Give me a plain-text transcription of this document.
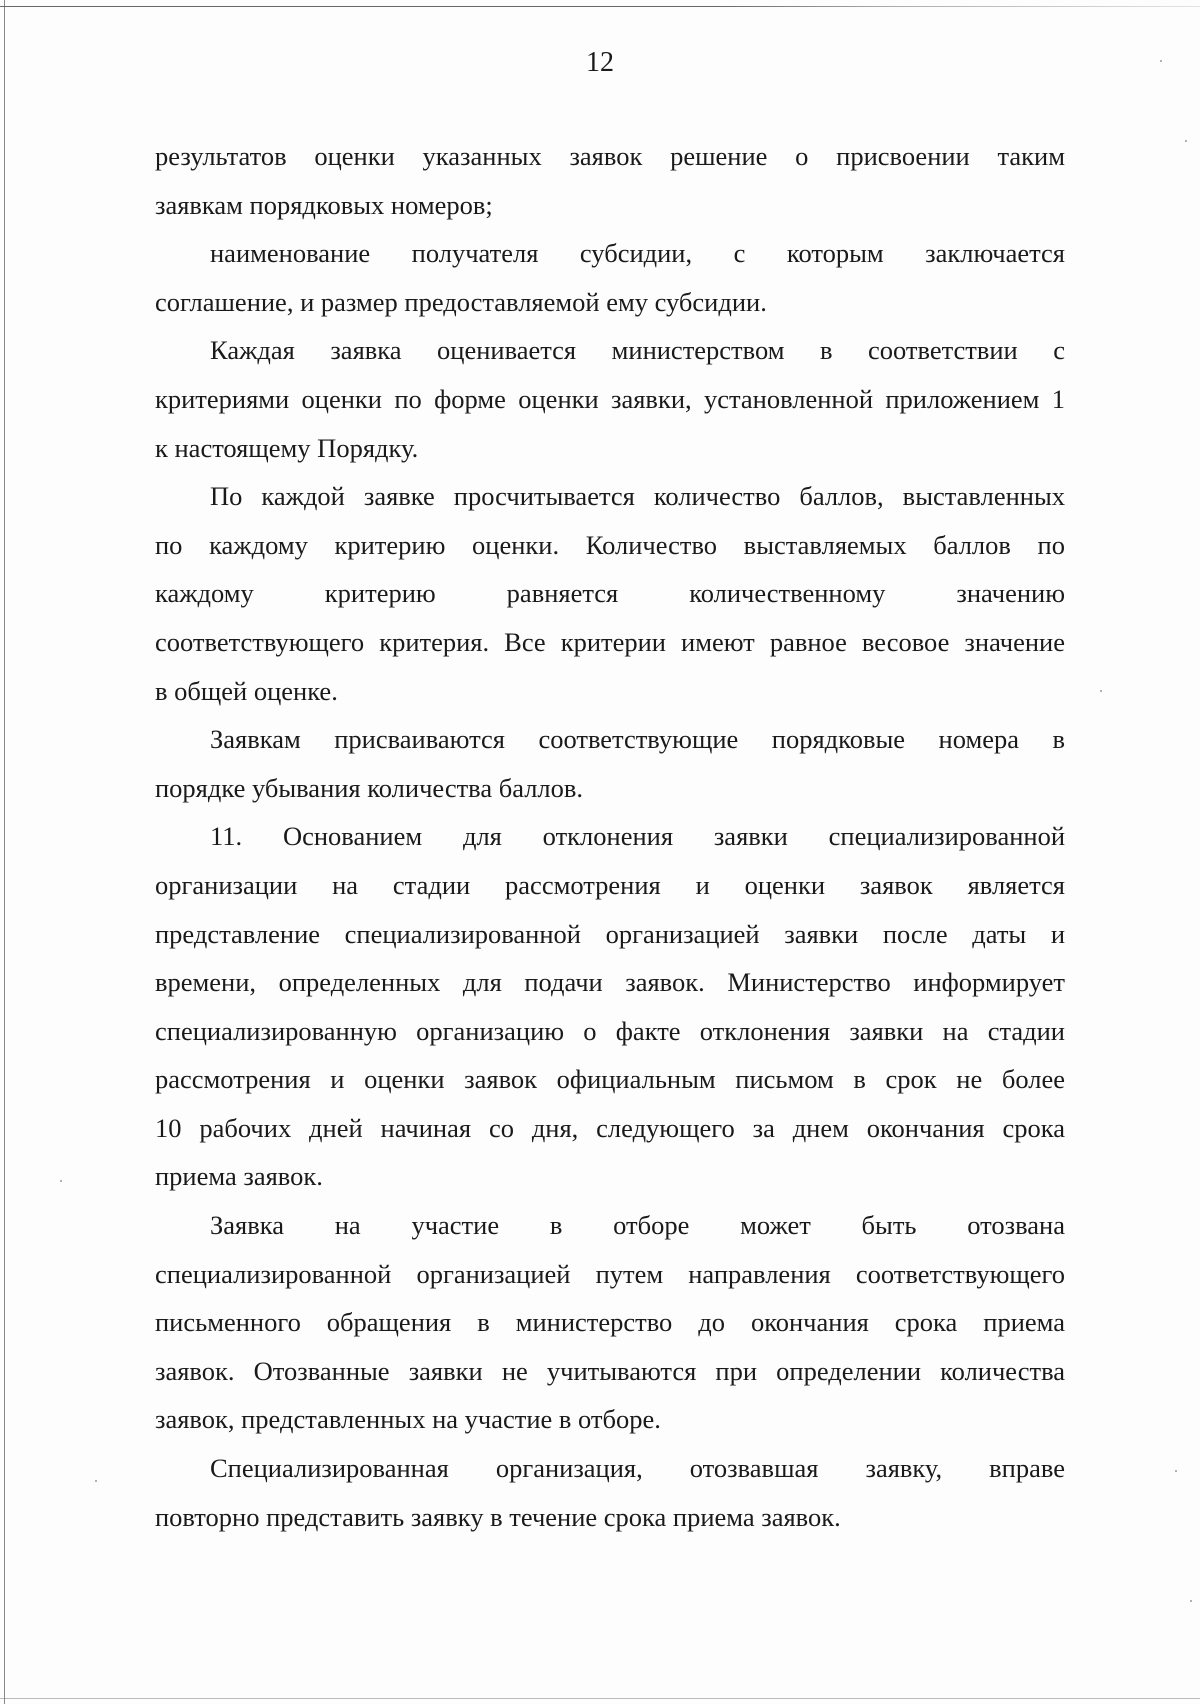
12
результатов оценки указанных заявок решение о присвоении таким
заявкам порядковых номеров;
наименование получателя субсидии, с которым заключается
соглашение, и размер предоставляемой ему субсидии.
Каждая заявка оценивается министерством в соответствии с
критериями оценки по форме оценки заявки, установленной приложением 1
к настоящему Порядку.
По каждой заявке просчитывается количество баллов, выставленных
по каждому критерию оценки. Количество выставляемых баллов по
каждому критерию равняется количественному значению
соответствующего критерия. Все критерии имеют равное весовое значение
в общей оценке.
Заявкам присваиваются соответствующие порядковые номера в
порядке убывания количества баллов.
11. Основанием для отклонения заявки специализированной
организации на стадии рассмотрения и оценки заявок является
представление специализированной организацией заявки после даты и
времени, определенных для подачи заявок. Министерство информирует
специализированную организацию о факте отклонения заявки на стадии
рассмотрения и оценки заявок официальным письмом в срок не более
10 рабочих дней начиная со дня, следующего за днем окончания срока
приема заявок.
Заявка на участие в отборе может быть отозвана
специализированной организацией путем направления соответствующего
письменного обращения в министерство до окончания срока приема
заявок. Отозванные заявки не учитываются при определении количества
заявок, представленных на участие в отборе.
Специализированная организация, отозвавшая заявку, вправе
повторно представить заявку в течение срока приема заявок.
